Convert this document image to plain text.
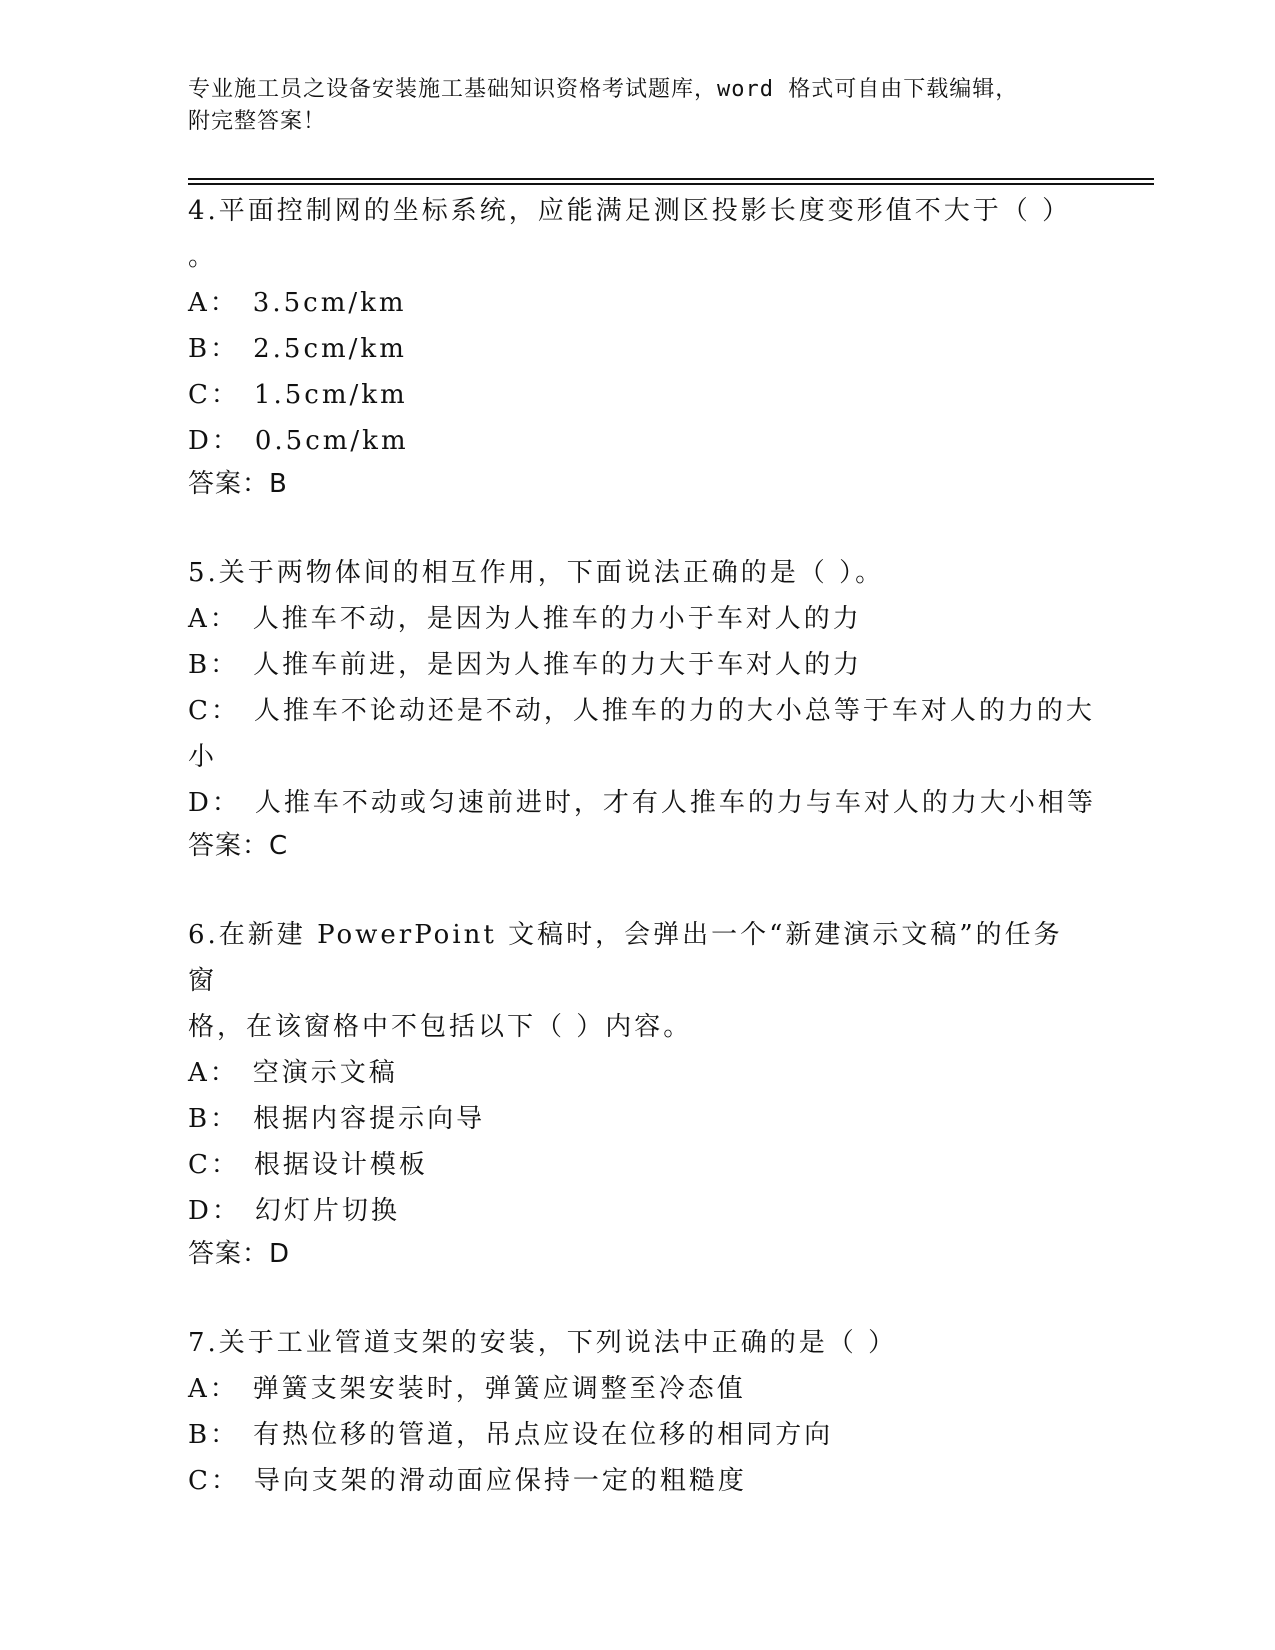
专业施工员之设备安装施工基础知识资格考试题库，word 格式可自由下载编辑，
附完整答案！
4.平面控制网的坐标系统，应能满足测区投影长度变形值不大于（ ）
。
A： 3.5cm/km
B： 2.5cm/km
C： 1.5cm/km
D： 0.5cm/km
答案：B
5.关于两物体间的相互作用，下面说法正确的是（ ）。
A： 人推车不动，是因为人推车的力小于车对人的力
B： 人推车前进，是因为人推车的力大于车对人的力
C： 人推车不论动还是不动，人推车的力的大小总等于车对人的力的大
小
D： 人推车不动或匀速前进时，才有人推车的力与车对人的力大小相等
答案：C
6.在新建 PowerPoint 文稿时，会弹出一个“新建演示文稿”的任务窗
格，在该窗格中不包括以下（ ）内容。
A： 空演示文稿
B： 根据内容提示向导
C： 根据设计模板
D： 幻灯片切换
答案：D
7.关于工业管道支架的安装，下列说法中正确的是（ ）
A： 弹簧支架安装时，弹簧应调整至冷态值
B： 有热位移的管道，吊点应设在位移的相同方向
C： 导向支架的滑动面应保持一定的粗糙度
